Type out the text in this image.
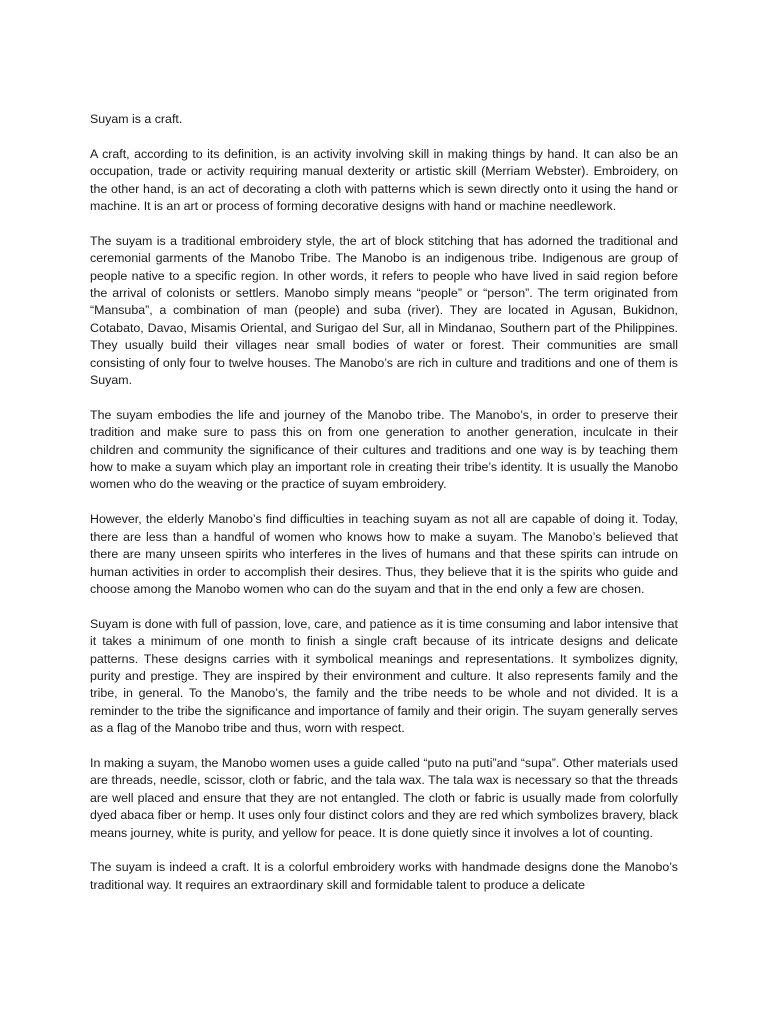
Suyam is a craft.

A craft, according to its definition, is an activity involving skill in making things by hand. It can also be an occupation, trade or activity requiring manual dexterity or artistic skill (Merriam Webster). Embroidery, on the other hand, is an act of decorating a cloth with patterns which is sewn directly onto it using the hand or machine. It is an art or process of forming decorative designs with hand or machine needlework.

The suyam is a traditional embroidery style, the art of block stitching that has adorned the traditional and ceremonial garments of the Manobo Tribe. The Manobo is an indigenous tribe. Indigenous are group of people native to a specific region. In other words, it refers to people who have lived in said region before the arrival of colonists or settlers. Manobo simply means “people” or “person”. The term originated from “Mansuba”, a combination of man (people) and suba (river). They are located in Agusan, Bukidnon, Cotabato, Davao, Misamis Oriental, and Surigao del Sur, all in Mindanao, Southern part of the Philippines. They usually build their villages near small bodies of water or forest. Their communities are small consisting of only four to twelve houses. The Manobo’s are rich in culture and traditions and one of them is Suyam.

The suyam embodies the life and journey of the Manobo tribe. The Manobo’s, in order to preserve their tradition and make sure to pass this on from one generation to another generation, inculcate in their children and community the significance of their cultures and traditions and one way is by teaching them how to make a suyam which play an important role in creating their tribe’s identity. It is usually the Manobo women who do the weaving or the practice of suyam embroidery.

However, the elderly Manobo’s find difficulties in teaching suyam as not all are capable of doing it. Today, there are less than a handful of women who knows how to make a suyam. The Manobo’s believed that there are many unseen spirits who interferes in the lives of humans and that these spirits can intrude on human activities in order to accomplish their desires. Thus, they believe that it is the spirits who guide and choose among the Manobo women who can do the suyam and that in the end only a few are chosen.

Suyam is done with full of passion, love, care, and patience as it is time consuming and labor intensive that it takes a minimum of one month to finish a single craft because of its intricate designs and delicate patterns. These designs carries with it symbolical meanings and representations. It symbolizes dignity, purity and prestige. They are inspired by their environment and culture. It also represents family and the tribe, in general. To the Manobo’s, the family and the tribe needs to be whole and not divided. It is a reminder to the tribe the significance and importance of family and their origin. The suyam generally serves as a flag of the Manobo tribe and thus, worn with respect.

In making a suyam, the Manobo women uses a guide called “puto na puti”and “supa”. Other materials used are threads, needle, scissor, cloth or fabric, and the tala wax. The tala wax is necessary so that the threads are well placed and ensure that they are not entangled. The cloth or fabric is usually made from colorfully dyed abaca fiber or hemp. It uses only four distinct colors and they are red which symbolizes bravery, black means journey, white is purity, and yellow for peace. It is done quietly since it involves a lot of counting.

The suyam is indeed a craft. It is a colorful embroidery works with handmade designs done the Manobo’s traditional way. It requires an extraordinary skill and formidable talent to produce a delicate
